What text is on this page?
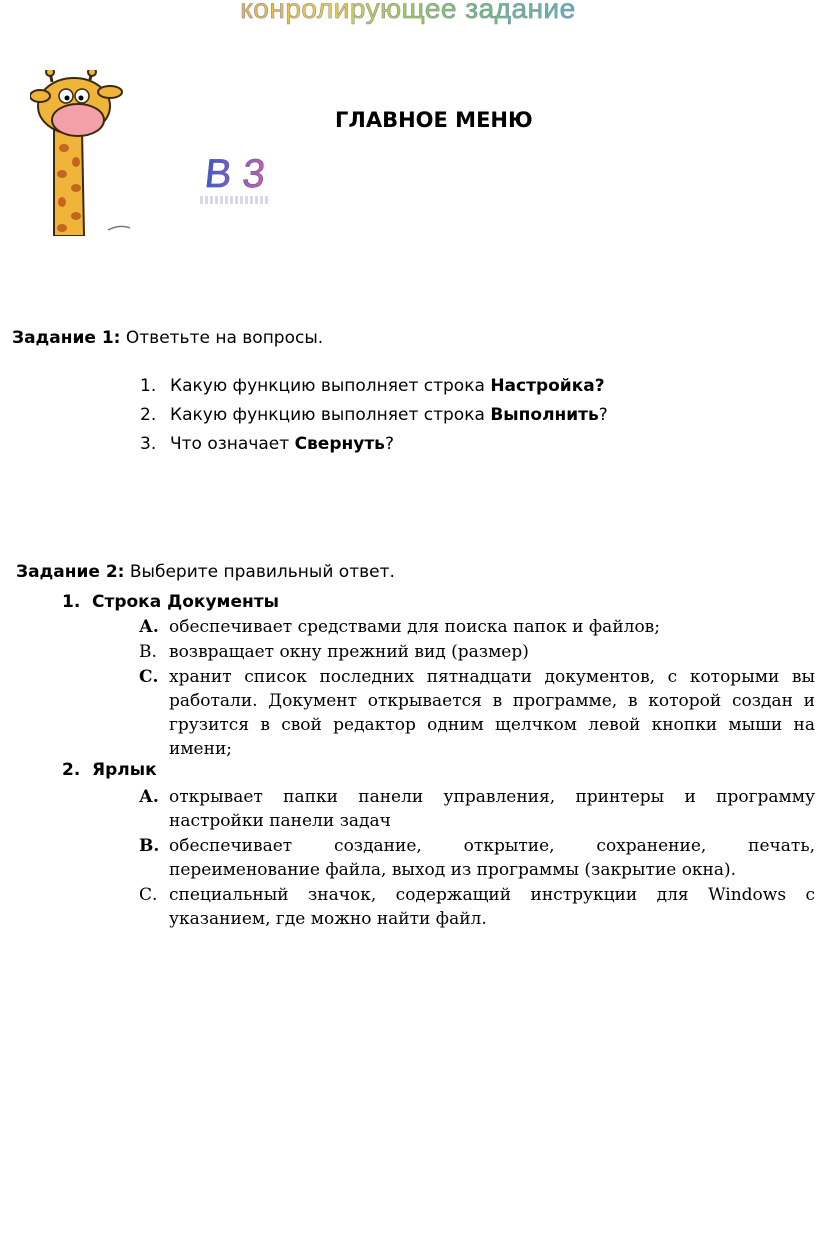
конролирующее задание
ГЛАВНОЕ МЕНЮ
В 3
Задание 1: Ответьте на вопросы.
1. Какую функцию выполняет строка Настройка?
2. Какую функцию выполняет строка Выполнить?
3. Что означает Свернуть?
Задание 2: Выберите правильный ответ.
1. Строка Документы
А. обеспечивает средствами для поиска папок и файлов;
В. возвращает окну прежний вид (размер)
С. хранит список последних пятнадцати документов, с которыми вы работали. Документ открывается в программе, в которой создан и грузится в свой редактор одним щелчком левой кнопки мыши на имени;
2. Ярлык
А. открывает папки панели управления, принтеры и программу настройки панели задач
В. обеспечивает создание, открытие, сохранение, печать, переименование файла, выход из программы (закрытие окна).
С. специальный значок, содержащий инструкции для Windows с указанием, где можно найти файл.
